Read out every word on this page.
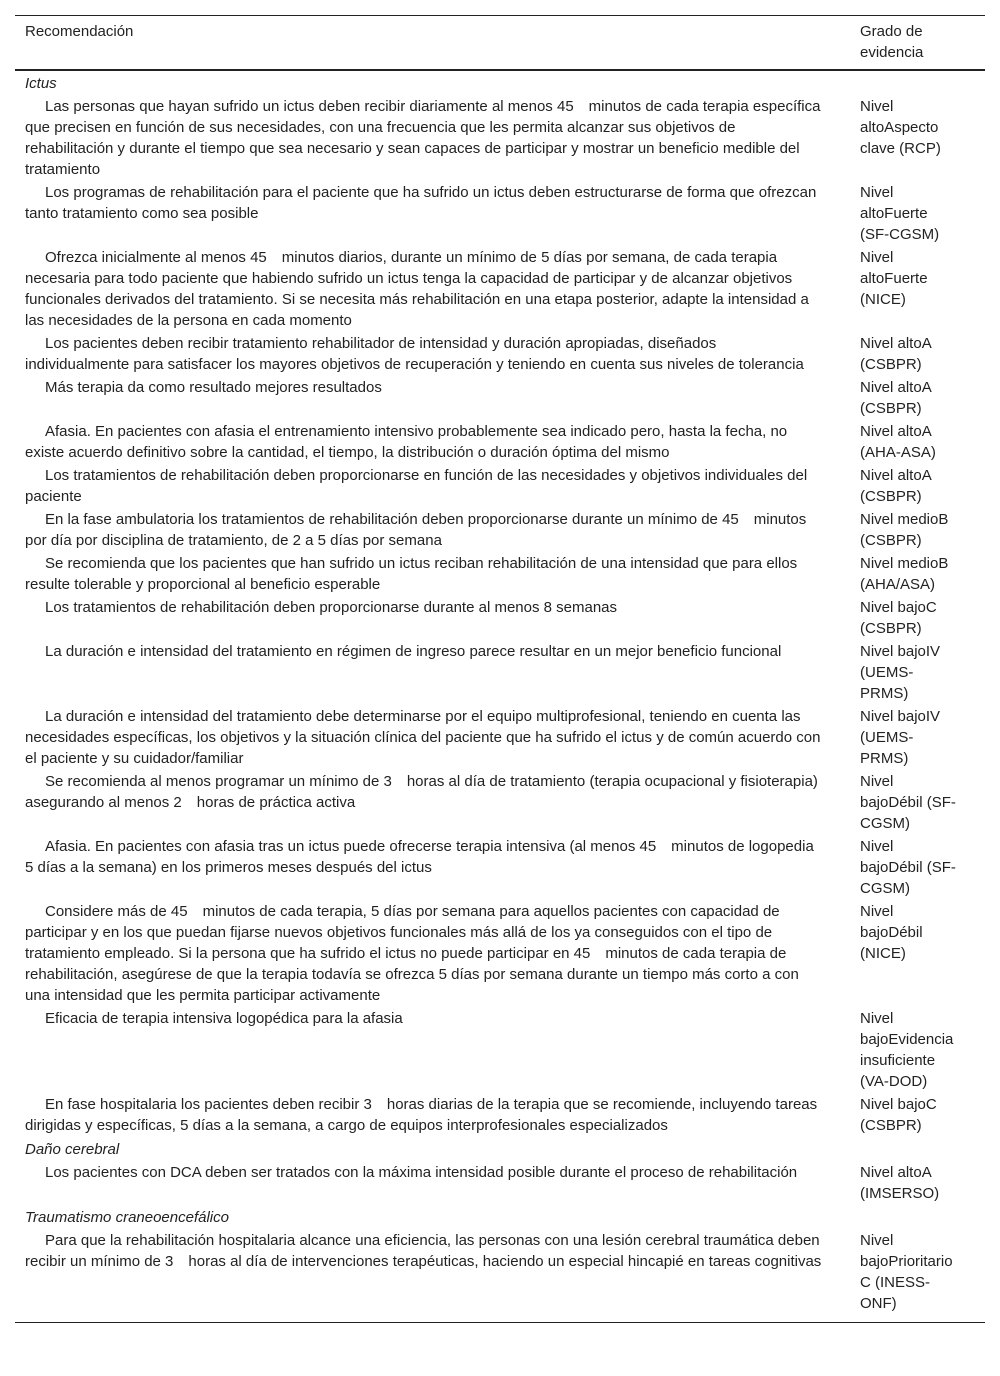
Recomendación	Grado de evidencia
Ictus	
Las personas que hayan sufrido un ictus deben recibir diariamente al menos 45 minutos de cada terapia específica que precisen en función de sus necesidades, con una frecuencia que les permita alcanzar sus objetivos de rehabilitación y durante el tiempo que sea necesario y sean capaces de participar y mostrar un beneficio medible del tratamiento	Nivel altoAspecto clave (RCP)
Los programas de rehabilitación para el paciente que ha sufrido un ictus deben estructurarse de forma que ofrezcan tanto tratamiento como sea posible	Nivel altoFuerte (SF-CGSM)
Ofrezca inicialmente al menos 45 minutos diarios, durante un mínimo de 5 días por semana, de cada terapia necesaria para todo paciente que habiendo sufrido un ictus tenga la capacidad de participar y de alcanzar objetivos funcionales derivados del tratamiento. Si se necesita más rehabilitación en una etapa posterior, adapte la intensidad a las necesidades de la persona en cada momento	Nivel altoFuerte (NICE)
Los pacientes deben recibir tratamiento rehabilitador de intensidad y duración apropiadas, diseñados individualmente para satisfacer los mayores objetivos de recuperación y teniendo en cuenta sus niveles de tolerancia	Nivel altoA (CSBPR)
Más terapia da como resultado mejores resultados	Nivel altoA (CSBPR)
Afasia. En pacientes con afasia el entrenamiento intensivo probablemente sea indicado pero, hasta la fecha, no existe acuerdo definitivo sobre la cantidad, el tiempo, la distribución o duración óptima del mismo	Nivel altoA (AHA-ASA)
Los tratamientos de rehabilitación deben proporcionarse en función de las necesidades y objetivos individuales del paciente	Nivel altoA (CSBPR)
En la fase ambulatoria los tratamientos de rehabilitación deben proporcionarse durante un mínimo de 45 minutos por día por disciplina de tratamiento, de 2 a 5 días por semana	Nivel medioB (CSBPR)
Se recomienda que los pacientes que han sufrido un ictus reciban rehabilitación de una intensidad que para ellos resulte tolerable y proporcional al beneficio esperable	Nivel medioB (AHA/ASA)
Los tratamientos de rehabilitación deben proporcionarse durante al menos 8 semanas	Nivel bajoC (CSBPR)
La duración e intensidad del tratamiento en régimen de ingreso parece resultar en un mejor beneficio funcional	Nivel bajoIV (UEMS-PRMS)
La duración e intensidad del tratamiento debe determinarse por el equipo multiprofesional, teniendo en cuenta las necesidades específicas, los objetivos y la situación clínica del paciente que ha sufrido el ictus y de común acuerdo con el paciente y su cuidador/familiar	Nivel bajoIV (UEMS-PRMS)
Se recomienda al menos programar un mínimo de 3 horas al día de tratamiento (terapia ocupacional y fisioterapia) asegurando al menos 2 horas de práctica activa	Nivel bajoDébil (SF-CGSM)
Afasia. En pacientes con afasia tras un ictus puede ofrecerse terapia intensiva (al menos 45 minutos de logopedia 5 días a la semana) en los primeros meses después del ictus	Nivel bajoDébil (SF-CGSM)
Considere más de 45 minutos de cada terapia, 5 días por semana para aquellos pacientes con capacidad de participar y en los que puedan fijarse nuevos objetivos funcionales más allá de los ya conseguidos con el tipo de tratamiento empleado. Si la persona que ha sufrido el ictus no puede participar en 45 minutos de cada terapia de rehabilitación, asegúrese de que la terapia todavía se ofrezca 5 días por semana durante un tiempo más corto a con una intensidad que les permita participar activamente	Nivel bajoDébil (NICE)
Eficacia de terapia intensiva logopédica para la afasia	Nivel bajoEvidencia insuficiente (VA-DOD)
En fase hospitalaria los pacientes deben recibir 3 horas diarias de la terapia que se recomiende, incluyendo tareas dirigidas y específicas, 5 días a la semana, a cargo de equipos interprofesionales especializados	Nivel bajoC (CSBPR)
Daño cerebral	
Los pacientes con DCA deben ser tratados con la máxima intensidad posible durante el proceso de rehabilitación	Nivel altoA (IMSERSO)
Traumatismo craneoencefálico	
Para que la rehabilitación hospitalaria alcance una eficiencia, las personas con una lesión cerebral traumática deben recibir un mínimo de 3 horas al día de intervenciones terapéuticas, haciendo un especial hincapié en tareas cognitivas	Nivel bajoPrioritario C (INESS-ONF)
